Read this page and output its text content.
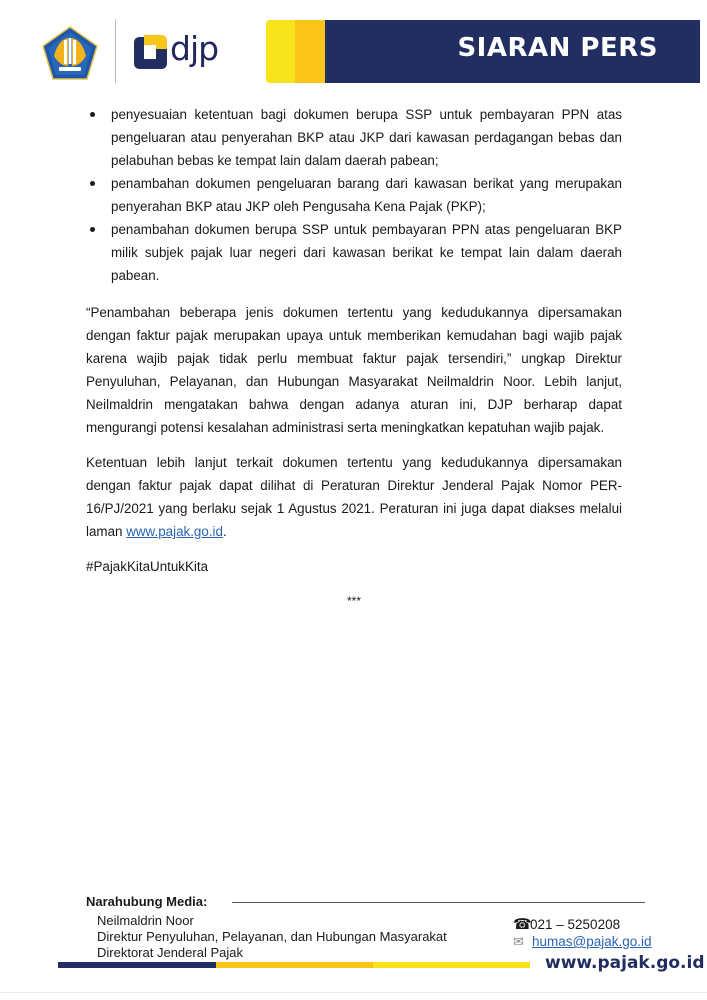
djp	SIARAN PERS
penyesuaian ketentuan bagi dokumen berupa SSP untuk pembayaran PPN atas pengeluaran atau penyerahan BKP atau JKP dari kawasan perdagangan bebas dan pelabuhan bebas ke tempat lain dalam daerah pabean;
penambahan dokumen pengeluaran barang dari kawasan berikat yang merupakan penyerahan BKP atau JKP oleh Pengusaha Kena Pajak (PKP);
penambahan dokumen berupa SSP untuk pembayaran PPN atas pengeluaran BKP milik subjek pajak luar negeri dari kawasan berikat ke tempat lain dalam daerah pabean.

“Penambahan beberapa jenis dokumen tertentu yang kedudukannya dipersamakan dengan faktur pajak merupakan upaya untuk memberikan kemudahan bagi wajib pajak karena wajib pajak tidak perlu membuat faktur pajak tersendiri,” ungkap Direktur Penyuluhan, Pelayanan, dan Hubungan Masyarakat Neilmaldrin Noor. Lebih lanjut, Neilmaldrin mengatakan bahwa dengan adanya aturan ini, DJP berharap dapat mengurangi potensi kesalahan administrasi serta meningkatkan kepatuhan wajib pajak.

Ketentuan lebih lanjut terkait dokumen tertentu yang kedudukannya dipersamakan dengan faktur pajak dapat dilihat di Peraturan Direktur Jenderal Pajak Nomor PER-16/PJ/2021 yang berlaku sejak 1 Agustus 2021. Peraturan ini juga dapat diakses melalui laman www.pajak.go.id.

#PajakKitaUntukKita

***
Narahubung Media:
Neilmaldrin Noor
Direktur Penyuluhan, Pelayanan, dan Hubungan Masyarakat
Direktorat Jenderal Pajak
☎
021 – 5250208
✉ humas@pajak.go.id
www.pajak.go.id
